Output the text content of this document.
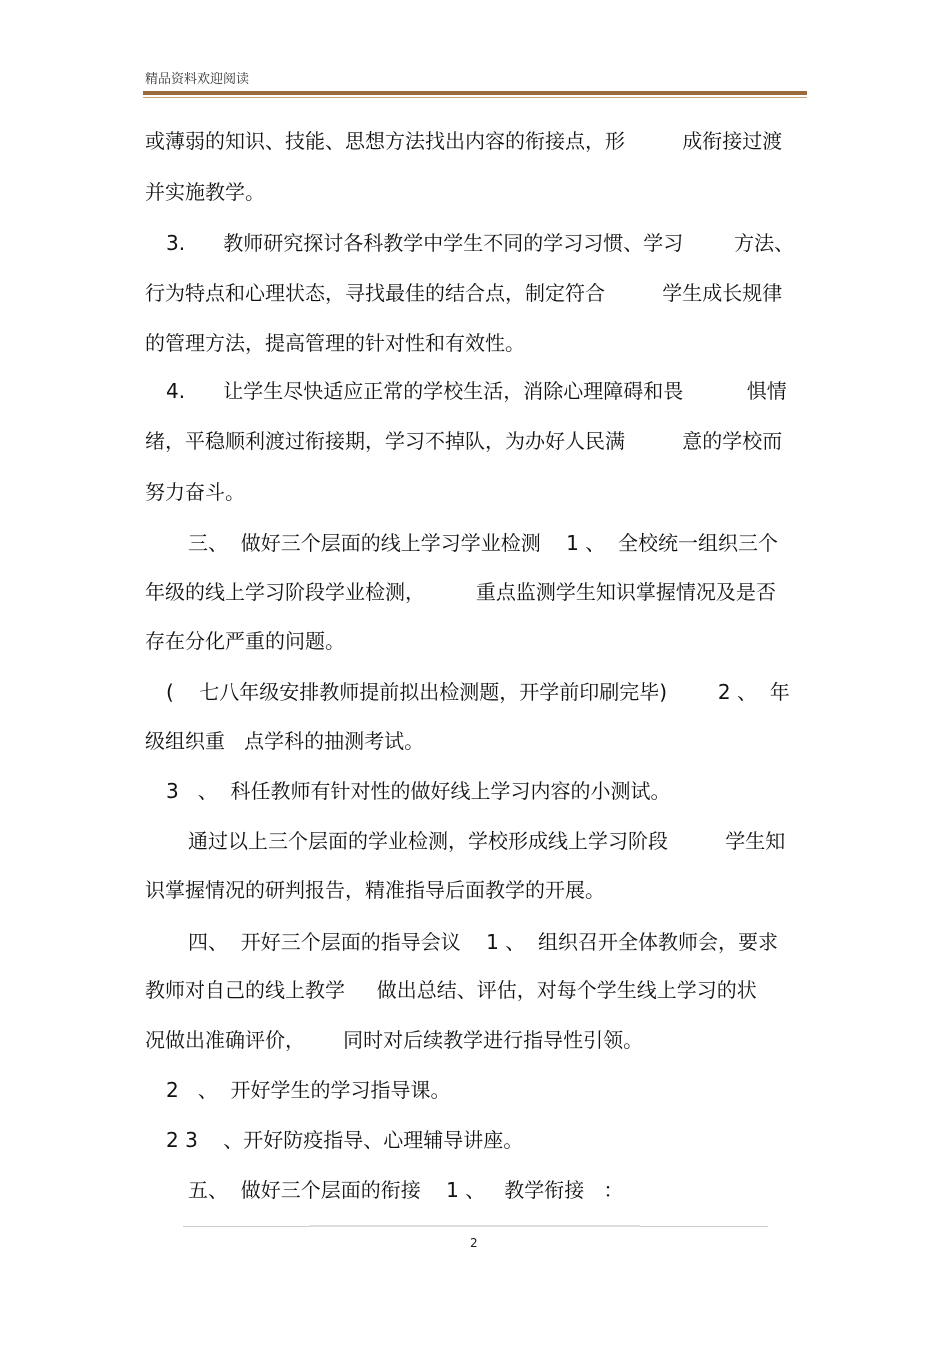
精品资料欢迎阅读
或薄弱的知识、技能、思想方法找出内容的衔接点，形         成衔接过渡
并实施教学。
3.      教师研究探讨各科教学中学生不同的学习习惯、学习        方法、
行为特点和心理状态，寻找最佳的结合点，制定符合         学生成长规律
的管理方法，提高管理的针对性和有效性。
4.      让学生尽快适应正常的学校生活，消除心理障碍和畏          惧情
绪，平稳顺利渡过衔接期，学习不掉队，为办好人民满         意的学校而
努力奋斗。
三、  做好三个层面的线上学习学业检测    1 、  全校统一组织三个
年级的线上学习阶段学业检测，        重点监测学生知识掌握情况及是否
存在分化严重的问题。
(    七八年级安排教师提前拟出检测题，开学前印刷完毕)        2 、  年
级组织重   点学科的抽测考试。
3   、  科任教师有针对性的做好线上学习内容的小测试。
通过以上三个层面的学业检测，学校形成线上学习阶段         学生知
识掌握情况的研判报告，精准指导后面教学的开展。
四、  开好三个层面的指导会议    1 、  组织召开全体教师会，要求
教师对自己的线上教学     做出总结、评估，对每个学生线上学习的状
况做出准确评价，      同时对后续教学进行指导性引领。
2   、  开好学生的学习指导课。
2 3    、开好防疫指导、心理辅导讲座。
五、  做好三个层面的衔接    1 、   教学衔接   ：
2
